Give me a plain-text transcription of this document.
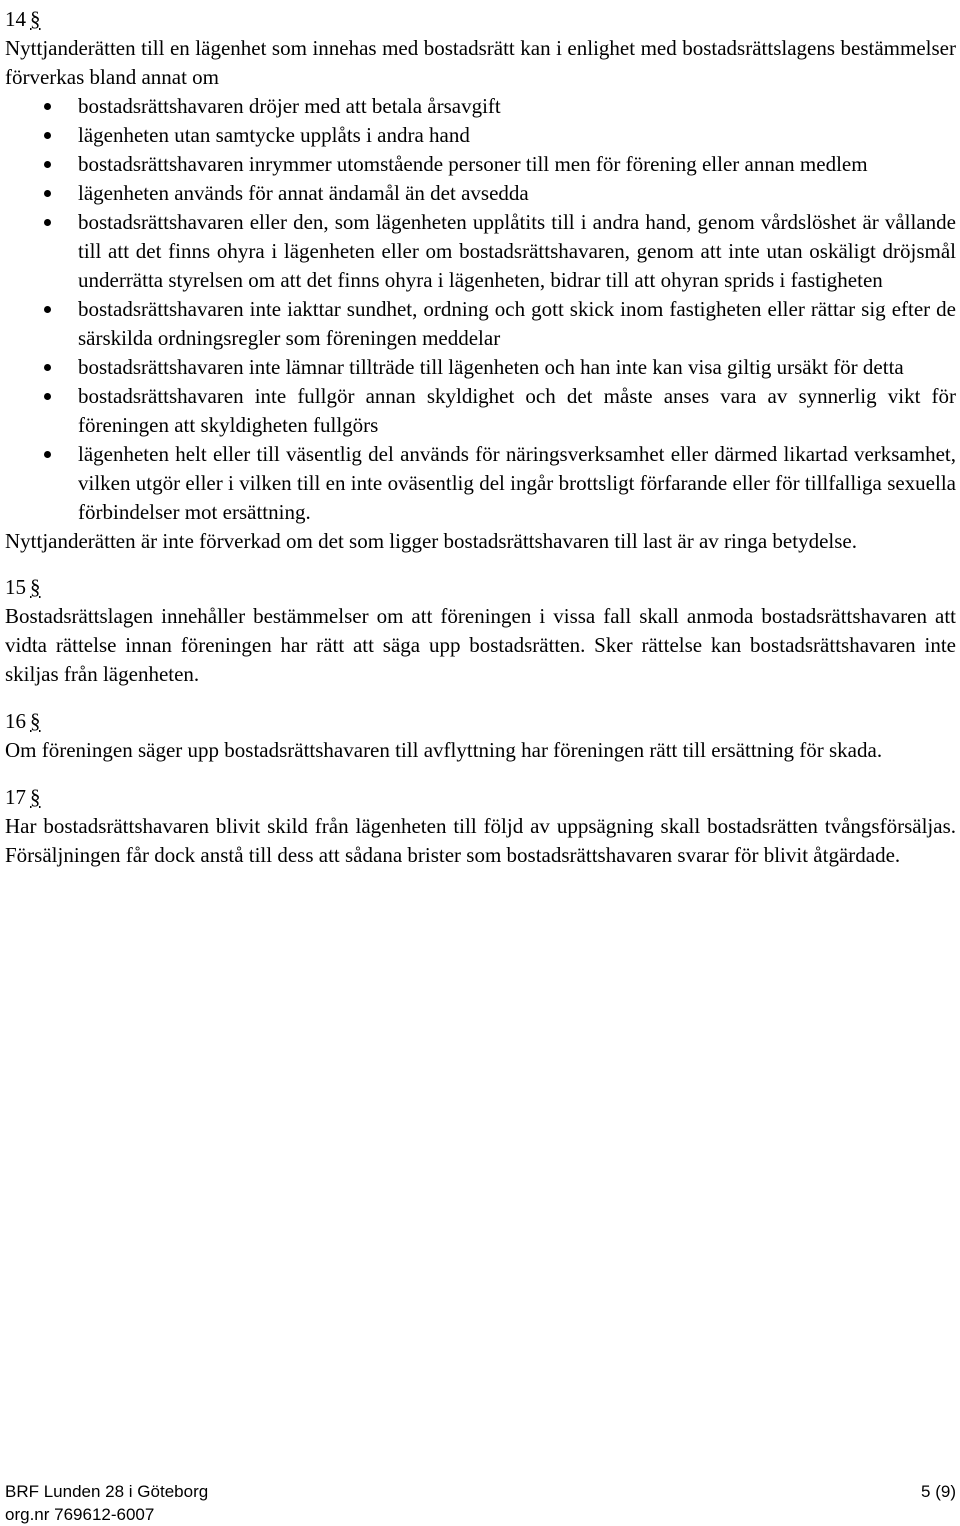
14 §

Nyttjanderätten till en lägenhet som innehas med bostadsrätt kan i enlighet med bostadsrättslagens bestämmelser förverkas bland annat om

bostadsrättshavaren dröjer med att betala årsavgift
lägenheten utan samtycke upplåts i andra hand
bostadsrättshavaren inrymmer utomstående personer till men för förening eller annan medlem
lägenheten används för annat ändamål än det avsedda
bostadsrättshavaren eller den, som lägenheten upplåtits till i andra hand, genom vårdslöshet är vållande till att det finns ohyra i lägenheten eller om bostadsrättshavaren, genom att inte utan oskäligt dröjsmål underrätta styrelsen om att det finns ohyra i lägenheten, bidrar till att ohyran sprids i fastigheten
bostadsrättshavaren inte iakttar sundhet, ordning och gott skick inom fastigheten eller rättar sig efter de särskilda ordningsregler som föreningen meddelar
bostadsrättshavaren inte lämnar tillträde till lägenheten och han inte kan visa giltig ursäkt för detta
bostadsrättshavaren inte fullgör annan skyldighet och det måste anses vara av synnerlig vikt för föreningen att skyldigheten fullgörs
lägenheten helt eller till väsentlig del används för näringsverksamhet eller därmed likartad verksamhet, vilken utgör eller i vilken till en inte oväsentlig del ingår brottsligt förfarande eller för tillfalliga sexuella förbindelser mot ersättning.

Nyttjanderätten är inte förverkad om det som ligger bostadsrättshavaren till last är av ringa betydelse.

15 §

Bostadsrättslagen innehåller bestämmelser om att föreningen i vissa fall skall anmoda bostadsrättshavaren att vidta rättelse innan föreningen har rätt att säga upp bostadsrätten. Sker rättelse kan bostadsrättshavaren inte skiljas från lägenheten.

16 §

Om föreningen säger upp bostadsrättshavaren till avflyttning har föreningen rätt till ersättning för skada.

17 §

Har bostadsrättshavaren blivit skild från lägenheten till följd av uppsägning skall bostadsrätten tvångsförsäljas. Försäljningen får dock anstå till dess att sådana brister som bostadsrättshavaren svarar för blivit åtgärdade.

BRF Lunden 28 i Göteborg	5 (9)
org.nr 769612-6007
